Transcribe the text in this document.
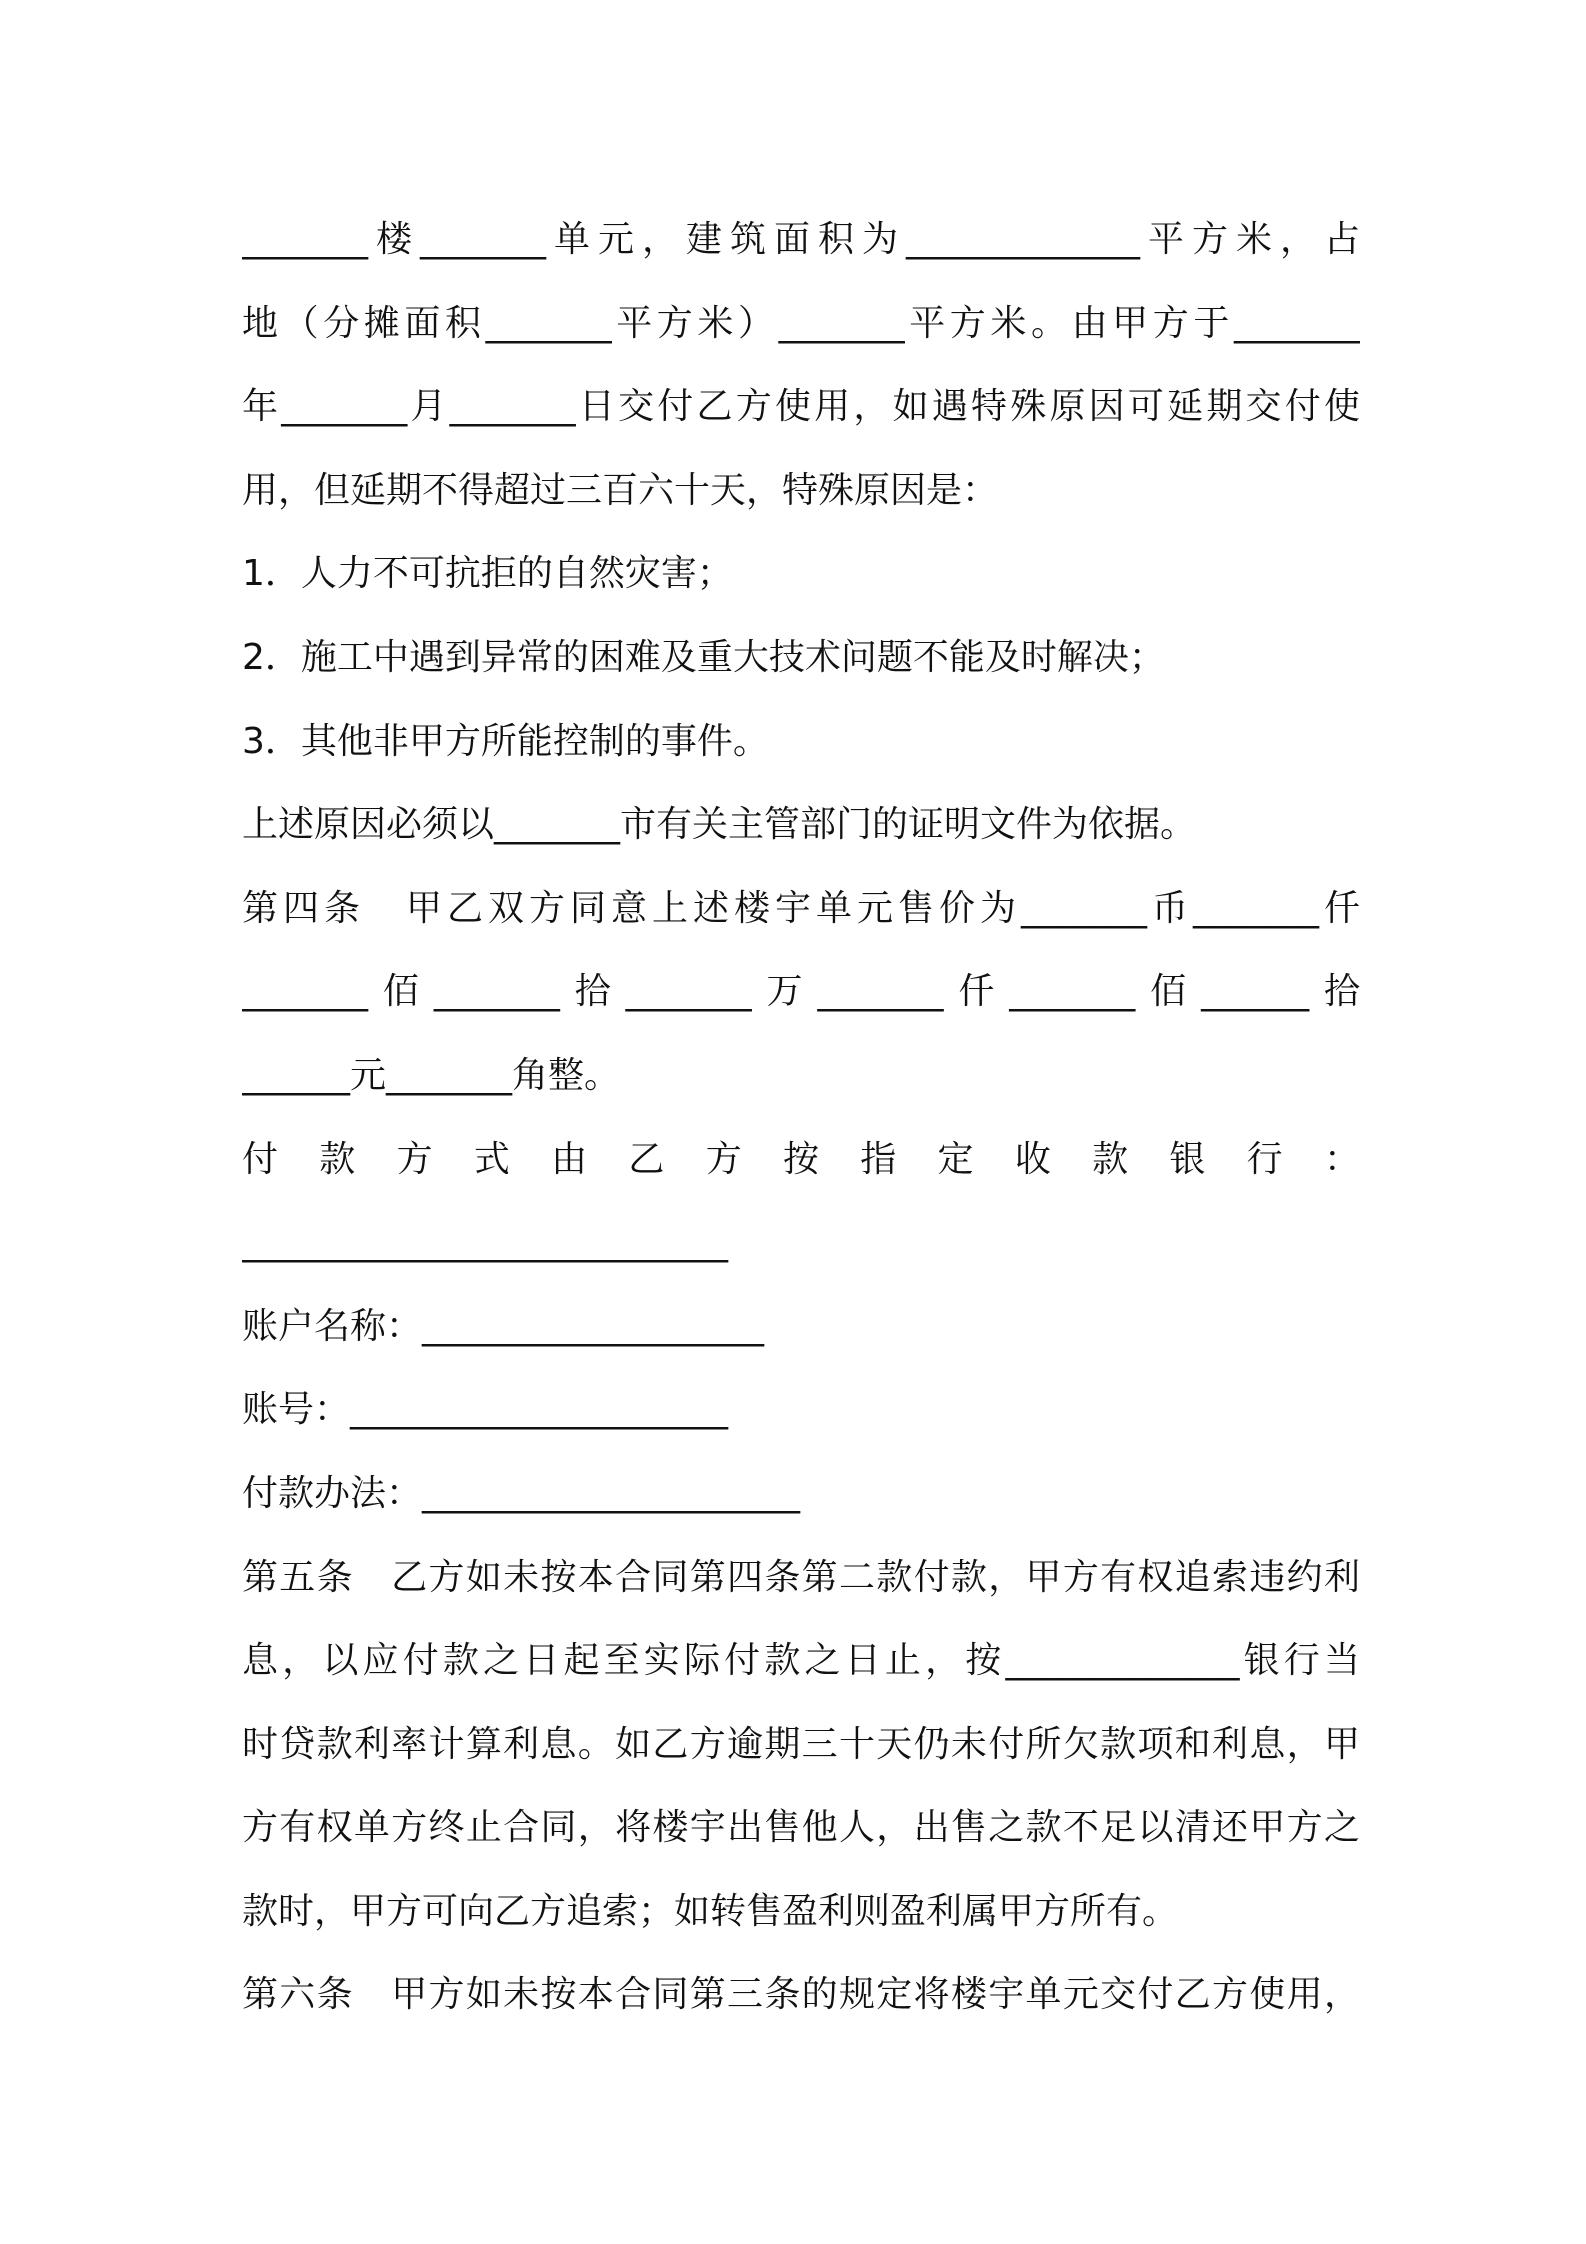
_______楼_______单元，建筑面积为_____________平方米，占
地（分摊面积_______平方米）_______平方米。由甲方于_______
年_______月_______日交付乙方使用，如遇特殊原因可延期交付使
用，但延期不得超过三百六十天，特殊原因是：
1．人力不可抗拒的自然灾害；
2．施工中遇到异常的困难及重大技术问题不能及时解决；
3．其他非甲方所能控制的事件。
上述原因必须以_______市有关主管部门的证明文件为依据。
第四条　甲乙双方同意上述楼宇单元售价为_______币_______仟
_______佰_______拾_______万_______仟_______佰______拾
______元_______角整。
付 款 方 式 由 乙 方 按 指 定 收 款 银 行 ：
___________________________
账户名称：___________________
账号：_____________________
付款办法：_____________________
第五条　乙方如未按本合同第四条第二款付款，甲方有权追索违约利
息，以应付款之日起至实际付款之日止，按_____________银行当
时贷款利率计算利息。如乙方逾期三十天仍未付所欠款项和利息，甲
方有权单方终止合同，将楼宇出售他人，出售之款不足以清还甲方之
款时，甲方可向乙方追索；如转售盈利则盈利属甲方所有。
第六条　甲方如未按本合同第三条的规定将楼宇单元交付乙方使用，
